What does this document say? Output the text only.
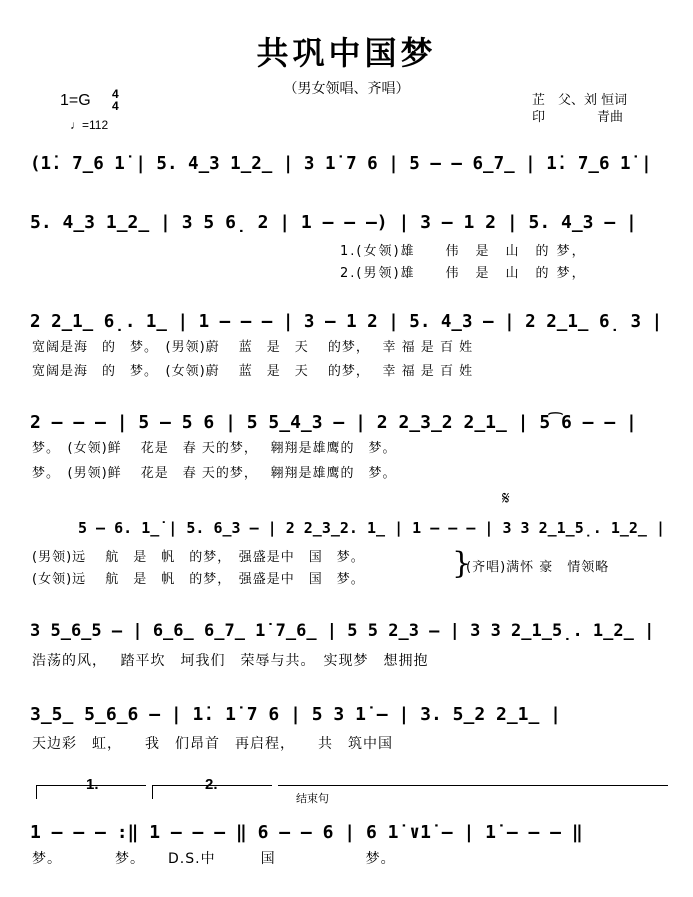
共巩中国梦
（男女领唱、齐唱）
1=G 4
4
♩=112
芷　父、刘 恒词
印　　　　青曲
(1̇. 7̲6 1̇ | 5. 4̲3 1̲2̲ | 3 1̇ 7 6 | 5 – – 6̲7̲ | 1̇. 7̲6 1̇ |
5. 4̲3 1̲2̲ | 3 5 6̣ 2 | 1 – – –) | 3 – 1 2 | 5. 4̲3 – |
1.(女领)雄　　伟　是　山　的 梦，
2.(男领)雄　　伟　是　山　的 梦，
2 2̲1̲ 6̣. 1̲ | 1 – – – | 3 – 1 2 | 5. 4̲3 – | 2 2̲1̲ 6̣ 3 |
宽阔是海　的　梦。　(男领)蔚　 蓝　是　天　 的梦，　 幸 福 是 百 姓
宽阔是海　的　梦。　(女领)蔚　 蓝　是　天　 的梦，　 幸 福 是 百 姓
2 – – – | 5 – 5 6 | 5 5̲4̲3 – | 2 2̲3̲2 2̲1̲ | 5͡6 – – |
梦。　(女领)鲜　 花是　春 天的梦，　 翱翔是雄鹰的　梦。
梦。　(男领)鲜　 花是　春 天的梦，　 翱翔是雄鹰的　梦。
𝄋
5 – 6. 1̲̇ | 5. 6̲3 – | 2 2̲3̲2. 1̲ | 1 – – – | 3 3 2̲1̲5̣. 1̲2̲ |
(男领)远　 航　是　帆　的梦，　强盛是中　国　梦。
(女领)远　 航　是　帆　的梦，　强盛是中　国　梦。	}
(齐唱)满怀 豪　情领略
3 5̲6̲5 – | 6̲6̲ 6̲7̲ 1̇ 7̲6̲ | 5 5 2̲3 – | 3 3 2̲1̲5̣. 1̲2̲ |
浩荡的风，　 踏平坎　坷我们　荣辱与共。　实现梦　想拥抱
3̲5̲ 5̲6̲6 – | 1̇. 1̇ 7 6 | 5 3 1̇ – | 3. 5̲2 2̲1̲ |
天边彩　虹，　　我　们昂首　再启程，　　共　筑中国
1.	2.
结束句
1 – – – :‖ 1 – – – ‖ 6 – – 6 | 6 1̇ ∨1̇ – | 1̇ – – – ‖
梦。　　　　梦。　　D.S.中　　　国　　　　　　梦。
